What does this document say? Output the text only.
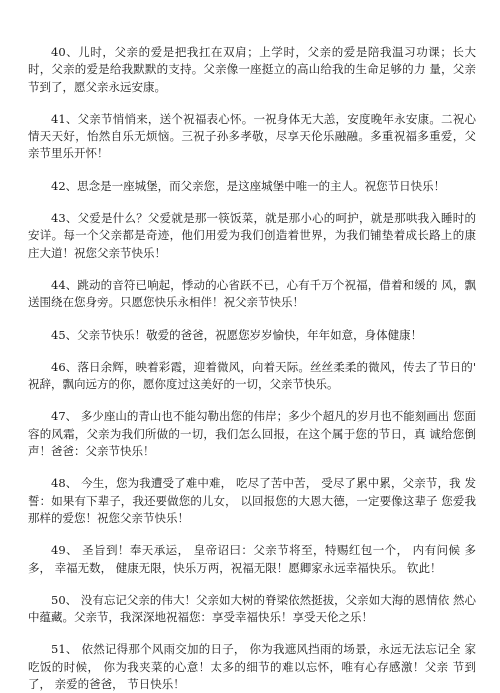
40、儿时，父亲的爱是把我扛在双肩；上学时，父亲的爱是陪我温习功课；长大时，父亲的爱是给我默默的支持。父亲像一座挺立的高山给我的生命足够的力 量，父亲节到了，愿父亲永远安康。

41、父亲节悄悄来，送个祝福表心怀。一祝身体无大恙，安度晚年永安康。二祝心情天天好，怡然自乐无烦恼。三祝子孙多孝敬，尽享天伦乐融融。多重祝福多重爱，父亲节里乐开怀！

42、思念是一座城堡，而父亲您，是这座城堡中唯一的主人。祝您节日快乐！

43、父爱是什么？父爱就是那一筷饭菜，就是那小心的呵护，就是那哄我入睡时的安详。每一个父亲都是奇迹，他们用爱为我们创造着世界，为我们铺垫着成长路上的康庄大道！祝您父亲节快乐！

44、跳动的音符已响起，悸动的心省跃不已，心有千万个祝福，借着和缓的 风，飘送围绕在您身旁。只愿您快乐永相伴！祝父亲节快乐！

45、父亲节快乐！敬爱的爸爸，祝愿您岁岁愉快，年年如意，身体健康！

46、落日余辉，映着彩霞，迎着微风，向着天际。丝丝柔柔的微风，传去了节日的' 祝辞，飘向远方的你，愿你度过这美好的一切，父亲节快乐。

47、 多少座山的青山也不能勾勒出您的伟岸；多少个超凡的岁月也不能刻画出 您面容的风霜，父亲为我们所做的一切，我们怎么回报，在这个属于您的节日，真 诚给您倒声！爸爸：父亲节快乐！

48、 今生，您为我遭受了难中难， 吃尽了苦中苦， 受尽了累中累，父亲节，我 发誓：如果有下辈子，我还要做您的儿女， 以回报您的大恩大德，一定要像这辈子 您爱我那样的爱您！祝您父亲节快乐！

49、 圣旨到！奉天承运， 皇帝诏曰：父亲节将至，特赐红包一个， 内有问候 多 多， 幸福无数， 健康无限，快乐万两，祝福无限！愿卿家永远幸福快乐。 钦此！

50、 没有忘记父亲的伟大！父亲如大树的脊梁依然挺拔，父亲如大海的恩情依 然心中蕴藏。父亲节，我深深地祝福您：享受幸福快乐！享受天伦之乐！

51、 依然记得那个风雨交加的日子， 你为我遮风挡雨的场景，永远无法忘记全 家吃饭的时候， 你为我夹菜的心意！太多的细节的难以忘怀，唯有心存感激！父亲 节到了， 亲爱的爸爸， 节日快乐！
